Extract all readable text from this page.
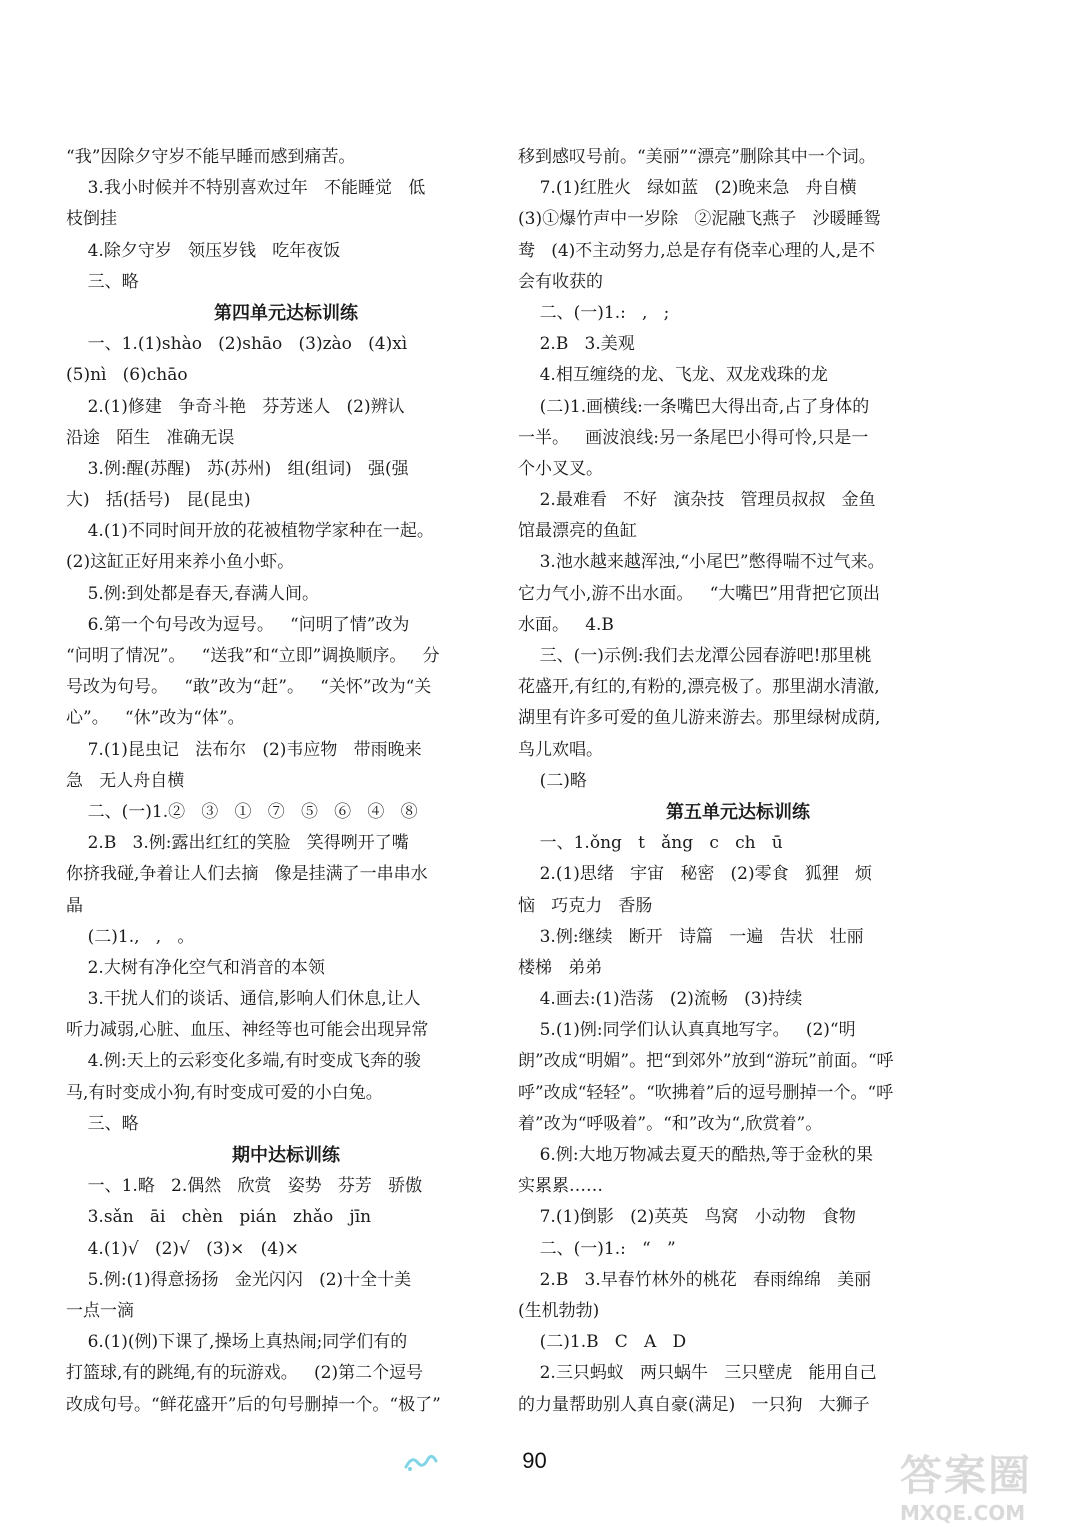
“我”因除夕守岁不能早睡而感到痛苦。
3.我小时候并不特别喜欢过年   不能睡觉   低
枝倒挂
4.除夕守岁   领压岁钱   吃年夜饭
三、略
第四单元达标训练
一、1.(1)shào   (2)shāo   (3)zào   (4)xì
(5)nì   (6)chāo
2.(1)修建   争奇斗艳   芬芳迷人   (2)辨认
沿途   陌生   准确无误
3.例:醒(苏醒)   苏(苏州)   组(组词)   强(强
大)   括(括号)   昆(昆虫)
4.(1)不同时间开放的花被植物学家种在一起。
(2)这缸正好用来养小鱼小虾。
5.例:到处都是春天,春满人间。
6.第一个句号改为逗号。   “问明了情”改为
“问明了情况”。   “送我”和“立即”调换顺序。   分
号改为句号。   “敢”改为“赶”。   “关怀”改为“关
心”。   “休”改为“体”。
7.(1)昆虫记   法布尔   (2)韦应物   带雨晚来
急   无人舟自横
二、(一)1.②   ③   ①   ⑦   ⑤   ⑥   ④   ⑧
2.B   3.例:露出红红的笑脸   笑得咧开了嘴
你挤我碰,争着让人们去摘   像是挂满了一串串水
晶
(二)1.,   ,   。
2.大树有净化空气和消音的本领
3.干扰人们的谈话、通信,影响人们休息,让人
听力减弱,心脏、血压、神经等也可能会出现异常
4.例:天上的云彩变化多端,有时变成飞奔的骏
马,有时变成小狗,有时变成可爱的小白兔。
三、略
期中达标训练
一、1.略   2.偶然   欣赏   姿势   芬芳   骄傲
3.sǎn   āi   chèn   pián   zhǎo   jīn
4.(1)√   (2)√   (3)×   (4)×
5.例:(1)得意扬扬   金光闪闪   (2)十全十美
一点一滴
6.(1)(例)下课了,操场上真热闹;同学们有的
打篮球,有的跳绳,有的玩游戏。   (2)第二个逗号
改成句号。“鲜花盛开”后的句号删掉一个。“极了”
移到感叹号前。“美丽”“漂亮”删除其中一个词。
7.(1)红胜火   绿如蓝   (2)晚来急   舟自横
(3)①爆竹声中一岁除   ②泥融飞燕子   沙暖睡鸳
鸯   (4)不主动努力,总是存有侥幸心理的人,是不
会有收获的
二、(一)1.:   ,   ;
2.B   3.美观
4.相互缠绕的龙、飞龙、双龙戏珠的龙
(二)1.画横线:一条嘴巴大得出奇,占了身体的
一半。   画波浪线:另一条尾巴小得可怜,只是一
个小叉叉。
2.最难看   不好   演杂技   管理员叔叔   金鱼
馆最漂亮的鱼缸
3.池水越来越浑浊,“小尾巴”憋得喘不过气来。
它力气小,游不出水面。   “大嘴巴”用背把它顶出
水面。   4.B
三、(一)示例:我们去龙潭公园春游吧!那里桃
花盛开,有红的,有粉的,漂亮极了。那里湖水清澈,
湖里有许多可爱的鱼儿游来游去。那里绿树成荫,
鸟儿欢唱。
(二)略
第五单元达标训练
一、1.ǒng   t   ǎng   c   ch   ū
2.(1)思绪   宇宙   秘密   (2)零食   狐狸   烦
恼   巧克力   香肠
3.例:继续   断开   诗篇   一遍   告状   壮丽
楼梯   弟弟
4.画去:(1)浩荡   (2)流畅   (3)持续
5.(1)例:同学们认认真真地写字。   (2)“明
朗”改成“明媚”。把“到郊外”放到“游玩”前面。“呼
呼”改成“轻轻”。“吹拂着”后的逗号删掉一个。“呼
着”改为“呼吸着”。“和”改为“,欣赏着”。
6.例:大地万物减去夏天的酷热,等于金秋的果
实累累……
7.(1)倒影   (2)英英   鸟窝   小动物   食物
二、(一)1.:   “   ”
2.B   3.早春竹林外的桃花   春雨绵绵   美丽
(生机勃勃)
(二)1.B   C   A   D
2.三只蚂蚁   两只蜗牛   三只壁虎   能用自己
的力量帮助别人真自豪(满足)   一只狗   大狮子
90	答案圈
MXQE.COM
